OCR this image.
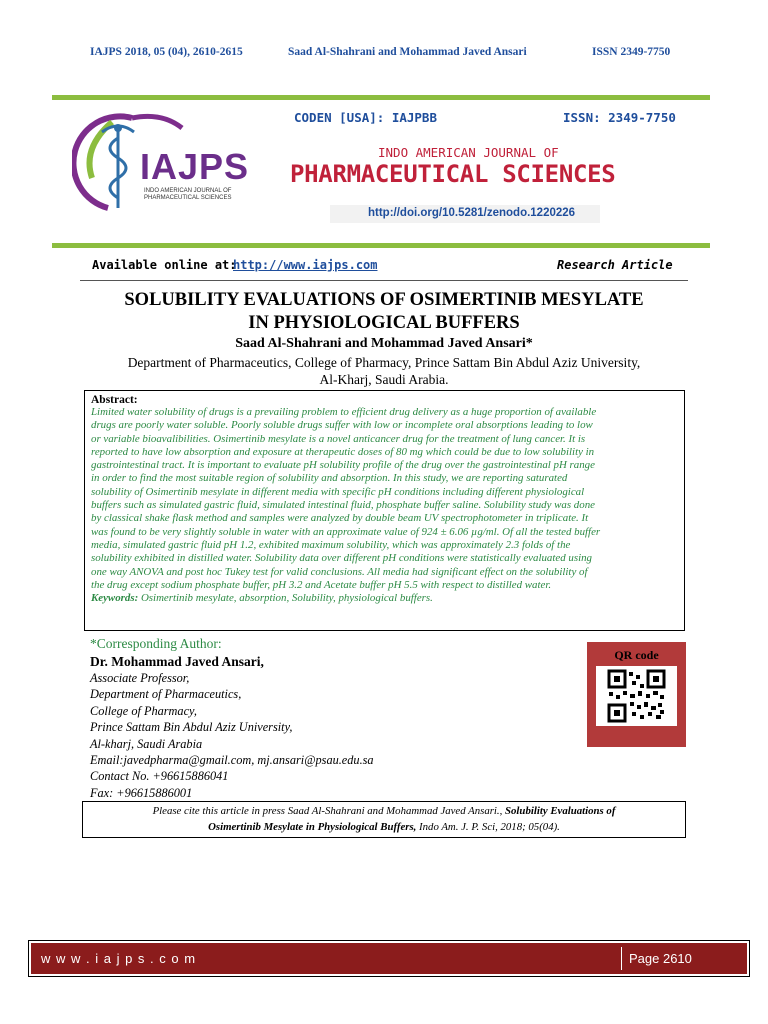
IAJPS 2018, 05 (04), 2610-2615	Saad Al-Shahrani and Mohammad Javed Ansari	ISSN 2349-7750
IAJPS
INDO AMERICAN JOURNAL OF PHARMACEUTICAL SCIENCES
CODEN [USA]: IAJPBB	ISSN: 2349-7750
INDO AMERICAN JOURNAL OF
PHARMACEUTICAL SCIENCES
http://doi.org/10.5281/zenodo.1220226
Available online at:
http://www.iajps.com	Research Article
SOLUBILITY EVALUATIONS OF OSIMERTINIB MESYLATE
IN PHYSIOLOGICAL BUFFERS
Saad Al-Shahrani and Mohammad Javed Ansari*
Department of Pharmaceutics, College of Pharmacy, Prince Sattam Bin Abdul Aziz University,
Al-Kharj, Saudi Arabia.
Abstract:
Limited water solubility of drugs is a prevailing problem to efficient drug delivery as a huge proportion of available
drugs are poorly water soluble. Poorly soluble drugs suffer with low or incomplete oral absorptions leading to low
or variable bioavalibilities. Osimertinib mesylate is a novel anticancer drug for the treatment of lung cancer. It is
reported to have low absorption and exposure at therapeutic doses of 80 mg which could be due to low solubility in
gastrointestinal tract. It is important to evaluate pH solubility profile of the drug over the gastrointestinal pH range
in order to find the most suitable region of solubility and absorption. In this study, we are reporting saturated
solubility of Osimertinib mesylate in different media with specific pH conditions including different physiological
buffers such as simulated gastric fluid, simulated intestinal fluid, phosphate buffer saline. Solubility study was done
by classical shake flask method and samples were analyzed by double beam UV spectrophotometer in triplicate. It
was found to be very slightly soluble in water with an approximate value of 924 ± 6.06 µg/ml. Of all the tested buffer
media, simulated gastric fluid pH 1.2, exhibited maximum solubility, which was approximately 2.3 folds of the
solubility exhibited in distilled water. Solubility data over different pH conditions were statistically evaluated using
one way ANOVA and post hoc Tukey test for valid conclusions. All media had significant effect on the solubility of
the drug except sodium phosphate buffer, pH 3.2 and Acetate buffer pH 5.5 with respect to distilled water.
Keywords: Osimertinib mesylate, absorption, Solubility, physiological buffers.
*Corresponding Author:
Dr. Mohammad Javed Ansari,
Associate Professor,
Department of Pharmaceutics,
College of Pharmacy,
Prince Sattam Bin Abdul Aziz University,
Al-kharj, Saudi Arabia
Email:javedpharma@gmail.com, mj.ansari@psau.edu.sa
Contact No. +96615886041
Fax: +96615886001
QR code
Please cite this article in press Saad Al-Shahrani and Mohammad Javed Ansari., Solubility Evaluations of
Osimertinib Mesylate in Physiological Buffers, Indo Am. J. P. Sci, 2018; 05(04).
w w w . i a j p s . c o m	Page 2610
